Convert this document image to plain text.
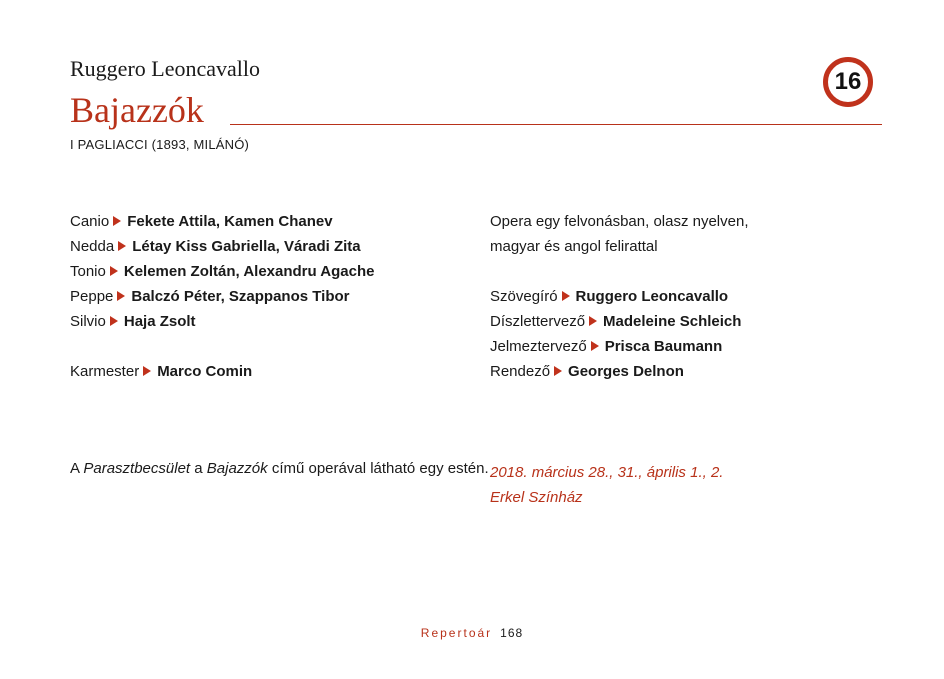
Ruggero Leoncavallo
Bajazzók
16
I PAGLIACCI (1893, MILÁNÓ)
Canio Fekete Attila, Kamen Chanev
Nedda Létay Kiss Gabriella, Váradi Zita
Tonio Kelemen Zoltán, Alexandru Agache
Peppe Balczó Péter, Szappanos Tibor
Silvio Haja Zsolt
Karmester Marco Comin
Opera egy felvonásban, olasz nyelven,
magyar és angol felirattal
Szövegíró Ruggero Leoncavallo
Díszlettervező Madeleine Schleich
Jelmeztervező Prisca Baumann
Rendező Georges Delnon
A Parasztbecsület a Bajazzók című operával látható egy estén. 2018. március 28., 31., április 1., 2.
Erkel Színház
Repertoár 168
